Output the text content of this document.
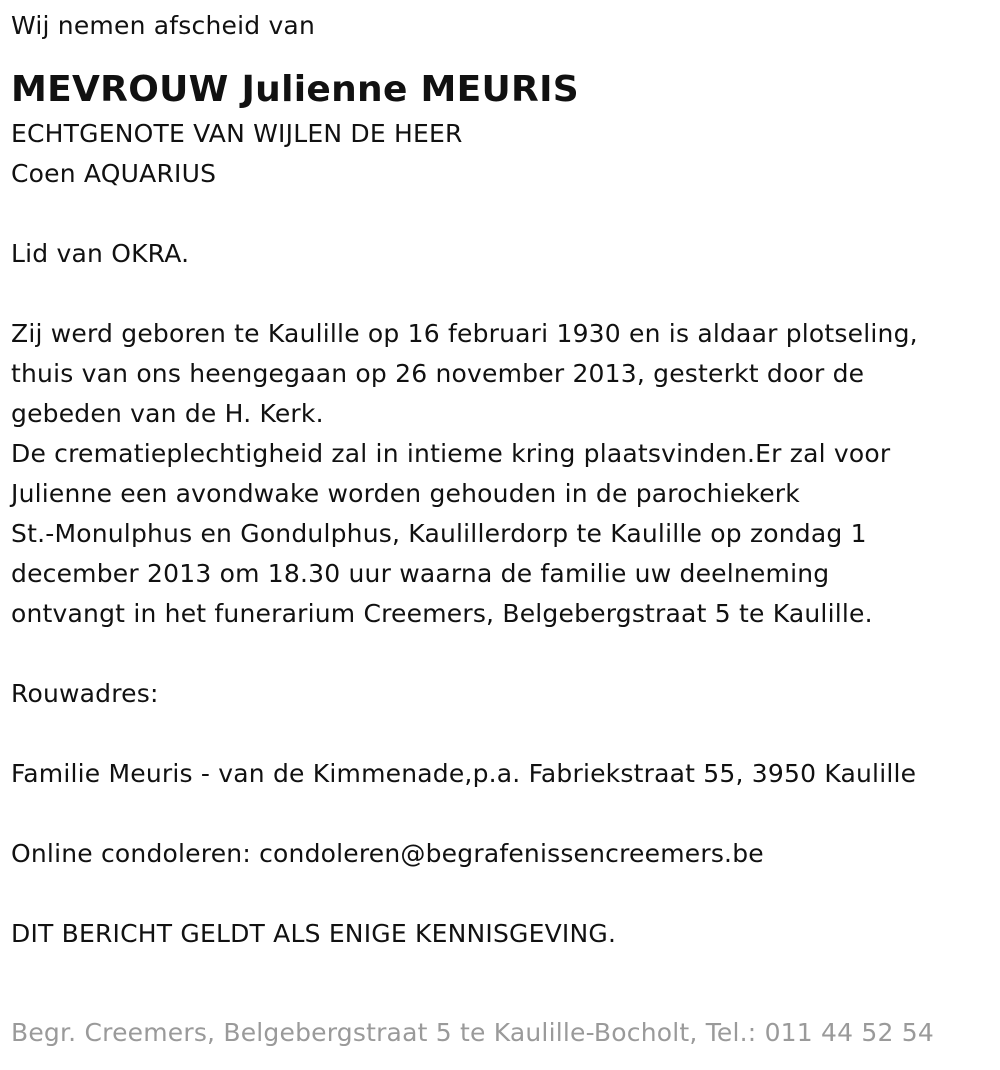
Wij nemen afscheid van
MEVROUW Julienne MEURIS
ECHTGENOTE VAN WIJLEN DE HEER
Coen AQUARIUS
Lid van OKRA.
Zij werd geboren te Kaulille op 16 februari 1930 en is aldaar plotseling,
thuis van ons heengegaan op 26 november 2013, gesterkt door de
gebeden van de H. Kerk.
De crematieplechtigheid zal in intieme kring plaatsvinden.Er zal voor
Julienne een avondwake worden gehouden in de parochiekerk
St.-Monulphus en Gondulphus, Kaulillerdorp te Kaulille op zondag 1
december 2013 om 18.30 uur waarna de familie uw deelneming
ontvangt in het funerarium Creemers, Belgebergstraat 5 te Kaulille.
Rouwadres:
Familie Meuris - van de Kimmenade,p.a. Fabriekstraat 55, 3950 Kaulille
Online condoleren: condoleren@begrafenissencreemers.be
DIT BERICHT GELDT ALS ENIGE KENNISGEVING.
Begr. Creemers, Belgebergstraat 5 te Kaulille-Bocholt, Tel.: 011 44 52 54
